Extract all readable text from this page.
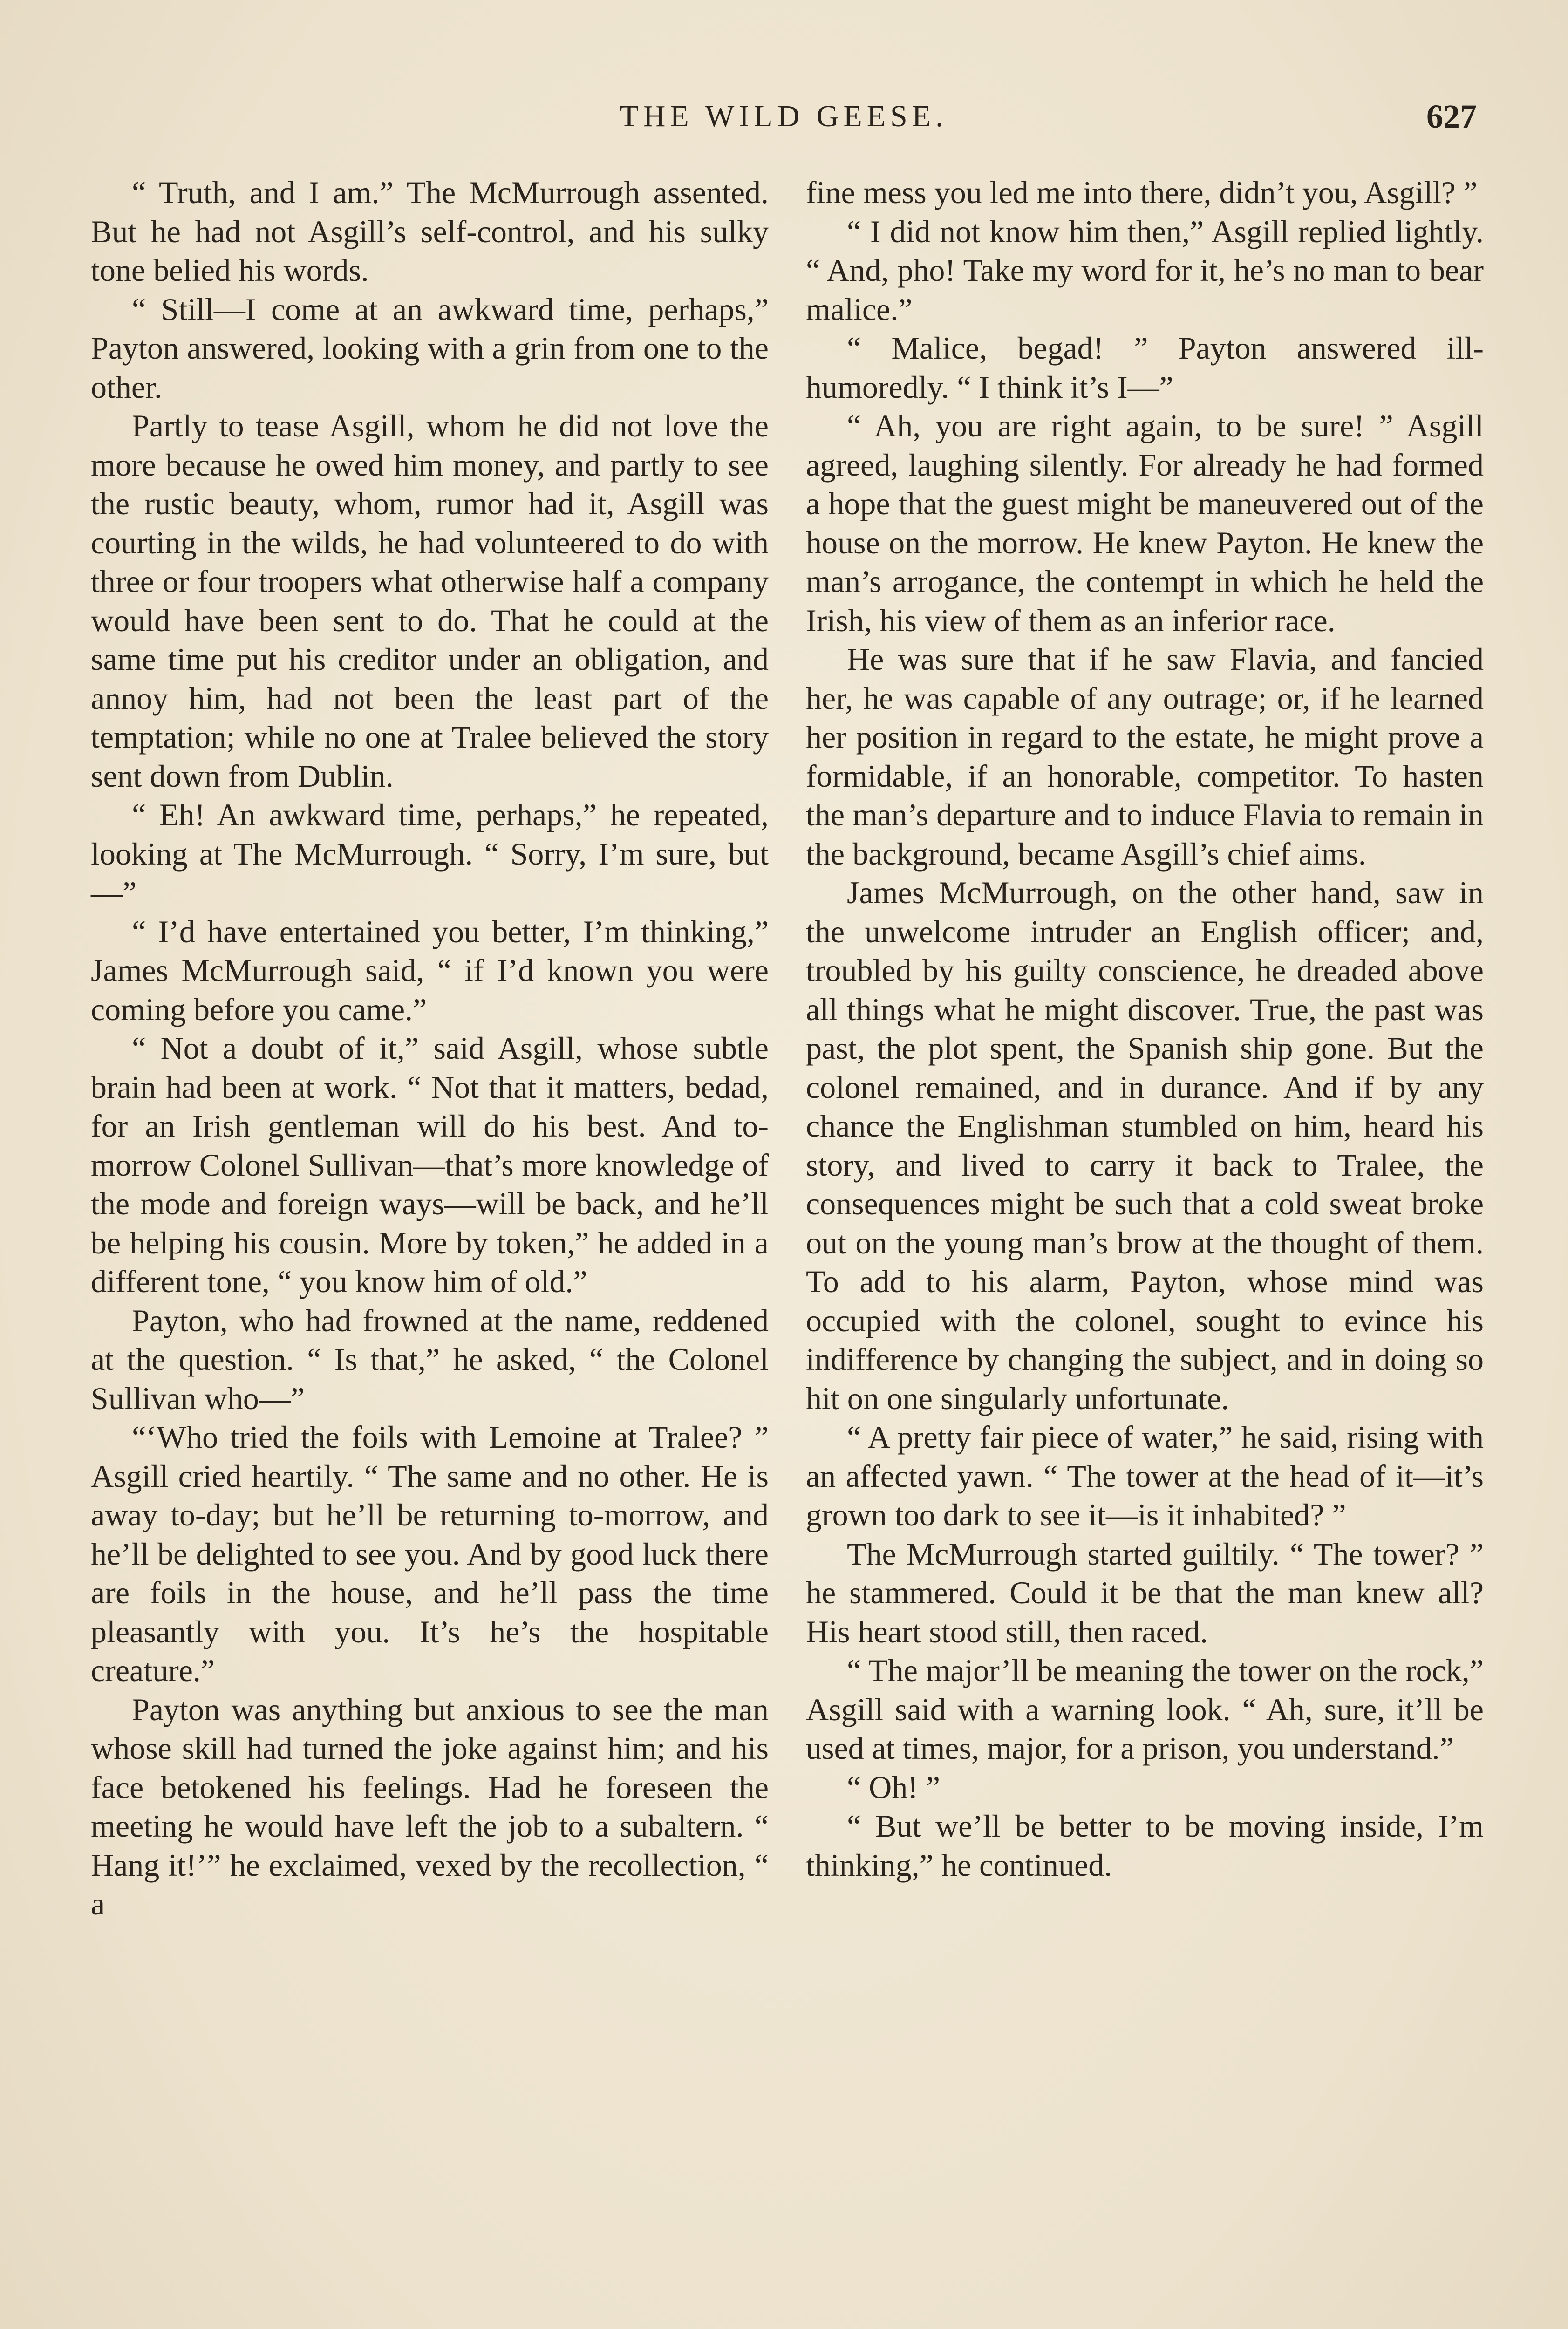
THE WILD GEESE.	627

“ Truth, and I am.” The McMurrough assented. But he had not Asgill’s self-control, and his sulky tone belied his words.

“ Still—I come at an awkward time, perhaps,” Payton answered, looking with a grin from one to the other.

Partly to tease Asgill, whom he did not love the more because he owed him money, and partly to see the rustic beauty, whom, rumor had it, Asgill was courting in the wilds, he had volunteered to do with three or four troopers what otherwise half a company would have been sent to do. That he could at the same time put his creditor under an obligation, and annoy him, had not been the least part of the temptation; while no one at Tralee believed the story sent down from Dublin.

“ Eh! An awkward time, perhaps,” he repeated, looking at The McMurrough. “ Sorry, I’m sure, but—”

“ I’d have entertained you better, I’m thinking,” James McMurrough said, “ if I’d known you were coming before you came.”

“ Not a doubt of it,” said Asgill, whose subtle brain had been at work. “ Not that it matters, bedad, for an Irish gentleman will do his best. And to-morrow Colonel Sullivan—that’s more knowledge of the mode and foreign ways—will be back, and he’ll be helping his cousin. More by token,” he added in a different tone, “ you know him of old.”

Payton, who had frowned at the name, reddened at the question. “ Is that,” he asked, “ the Colonel Sullivan who—”

“‘Who tried the foils with Lemoine at Tralee? ” Asgill cried heartily. “ The same and no other. He is away to-day; but he’ll be returning to-morrow, and he’ll be delighted to see you. And by good luck there are foils in the house, and he’ll pass the time pleasantly with you. It’s he’s the hospitable creature.”

Payton was anything but anxious to see the man whose skill had turned the joke against him; and his face betokened his feelings. Had he foreseen the meeting he would have left the job to a subaltern. “ Hang it!’” he exclaimed, vexed by the recollection, “ a

fine mess you led me into there, didn’t you, Asgill? ”

“ I did not know him then,” Asgill replied lightly. “ And, pho! Take my word for it, he’s no man to bear malice.”

“ Malice, begad! ” Payton answered ill-humoredly. “ I think it’s I—”

“ Ah, you are right again, to be sure! ” Asgill agreed, laughing silently. For already he had formed a hope that the guest might be maneuvered out of the house on the morrow. He knew Payton. He knew the man’s arrogance, the contempt in which he held the Irish, his view of them as an inferior race.

He was sure that if he saw Flavia, and fancied her, he was capable of any outrage; or, if he learned her position in regard to the estate, he might prove a formidable, if an honorable, competitor. To hasten the man’s departure and to induce Flavia to remain in the background, became Asgill’s chief aims.

James McMurrough, on the other hand, saw in the unwelcome intruder an English officer; and, troubled by his guilty conscience, he dreaded above all things what he might discover. True, the past was past, the plot spent, the Spanish ship gone. But the colonel remained, and in durance. And if by any chance the Englishman stumbled on him, heard his story, and lived to carry it back to Tralee, the consequences might be such that a cold sweat broke out on the young man’s brow at the thought of them. To add to his alarm, Payton, whose mind was occupied with the colonel, sought to evince his indifference by changing the subject, and in doing so hit on one singularly unfortunate.

“ A pretty fair piece of water,” he said, rising with an affected yawn. “ The tower at the head of it—it’s grown too dark to see it—is it inhabited? ”

The McMurrough started guiltily. “ The tower? ” he stammered. Could it be that the man knew all? His heart stood still, then raced.

“ The major’ll be meaning the tower on the rock,” Asgill said with a warning look. “ Ah, sure, it’ll be used at times, major, for a prison, you understand.”

“ Oh! ”

“ But we’ll be better to be moving inside, I’m thinking,” he continued.
